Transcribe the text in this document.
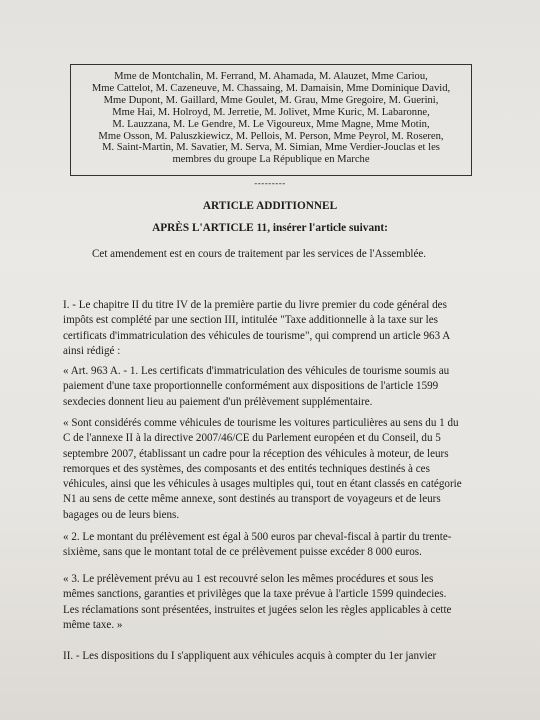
Mme de Montchalin, M. Ferrand, M. Ahamada, M. Alauzet, Mme Cariou,
Mme Cattelot, M. Cazeneuve, M. Chassaing, M. Damaisin, Mme Dominique David,
Mme Dupont, M. Gaillard, Mme Goulet, M. Grau, Mme Gregoire, M. Guerini,
Mme Hai, M. Holroyd, M. Jerretie, M. Jolivet, Mme Kuric, M. Labaronne,
M. Lauzzana, M. Le Gendre, M. Le Vigoureux, Mme Magne, Mme Motin,
Mme Osson, M. Paluszkiewicz, M. Pellois, M. Person, Mme Peyrol, M. Roseren,
M. Saint-Martin, M. Savatier, M. Serva, M. Simian, Mme Verdier-Jouclas et les
membres du groupe La République en Marche
---------
ARTICLE ADDITIONNEL
APRÈS L'ARTICLE 11, insérer l'article suivant:
Cet amendement est en cours de traitement par les services de l'Assemblée.
I. - Le chapitre II du titre IV de la première partie du livre premier du code général des
impôts est complété par une section III, intitulée "Taxe additionnelle à la taxe sur les
certificats d'immatriculation des véhicules de tourisme", qui comprend un article 963 A
ainsi rédigé :
« Art. 963 A. - 1. Les certificats d'immatriculation des véhicules de tourisme soumis au
paiement d'une taxe proportionnelle conformément aux dispositions de l'article 1599
sexdecies donnent lieu au paiement d'un prélèvement supplémentaire.
« Sont considérés comme véhicules de tourisme les voitures particulières au sens du 1 du
C de l'annexe II à la directive 2007/46/CE du Parlement européen et du Conseil, du 5
septembre 2007, établissant un cadre pour la réception des véhicules à moteur, de leurs
remorques et des systèmes, des composants et des entités techniques destinés à ces
véhicules, ainsi que les véhicules à usages multiples qui, tout en étant classés en catégorie
N1 au sens de cette même annexe, sont destinés au transport de voyageurs et de leurs
bagages ou de leurs biens.
« 2. Le montant du prélèvement est égal à 500 euros par cheval-fiscal à partir du trente-
sixième, sans que le montant total de ce prélèvement puisse excéder 8 000 euros.
« 3. Le prélèvement prévu au 1 est recouvré selon les mêmes procédures et sous les
mêmes sanctions, garanties et privilèges que la taxe prévue à l'article 1599 quindecies.
Les réclamations sont présentées, instruites et jugées selon les règles applicables à cette
même taxe. »
II. - Les dispositions du I s'appliquent aux véhicules acquis à compter du 1er janvier
